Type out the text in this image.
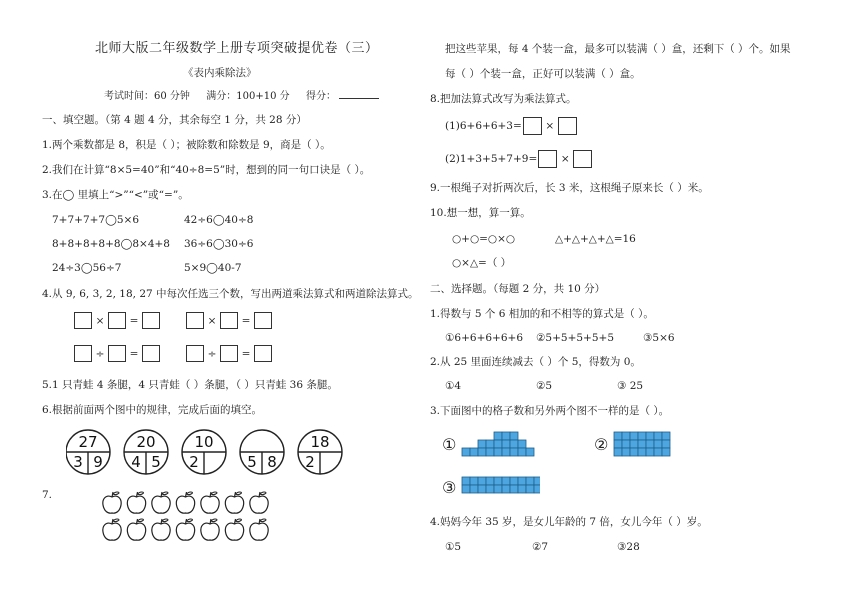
北师大版二年级数学上册专项突破提优卷（三）
《表内乘除法》
考试时间：60 分钟 满分：100+10 分 得分：
一、填空题。（第 4 题 4 分，其余每空 1 分，共 28 分）
1.两个乘数都是 8，积是（ ）；被除数和除数是 9，商是（ ）。
2.我们在计算“8×5=40”和“40÷8=5”时，想到的同一句口诀是（ ）。
3.在◯ 里填上“>”“<”或“=”。
7+7+7+7◯5×6	42÷6◯40÷8
8+8+8+8+8◯8×4+8 36÷6◯30÷6
24÷3◯56÷7	5×9◯40-7
4.从 9, 6, 3, 2, 18, 27 中每次任选三个数，写出两道乘法算式和两道除法算式。
× =	× =
÷ =	÷ =
5.1 只青蛙 4 条腿，4 只青蛙（ ）条腿，（ ）只青蛙 36 条腿。
6.根据前面两个图中的规律，完成后面的填空。
27
3 9
20
4 5
10
2	5 8
18
2
7.
把这些苹果，每 4 个装一盒，最多可以装满（ ）盒，还剩下（ ）个。如果
每（ ）个装一盒，正好可以装满（ ）盒。
8.把加法算式改写为乘法算式。
(1)6+6+6+3= ×
(2)1+3+5+7+9= ×
9.一根绳子对折两次后，长 3 米，这根绳子原来长（ ）米。
10.想一想，算一算。
○+○=○×○	△+△+△+△=16
○×△=（ ）
二、选择题。（每题 2 分，共 10 分）
1.得数与 5 个 6 相加的和不相等的算式是（ ）。
①6+6+6+6+6 ②5+5+5+5+5	③5×6
2.从 25 里面连续减去（ ）个 5，得数为 0。
①4	②5	③ 25
3.下面图中的格子数和另外两个图不一样的是（ ）。
①	②
③
4.妈妈今年 35 岁，是女儿年龄的 7 倍，女儿今年（ ）岁。
①5	②7	③28
